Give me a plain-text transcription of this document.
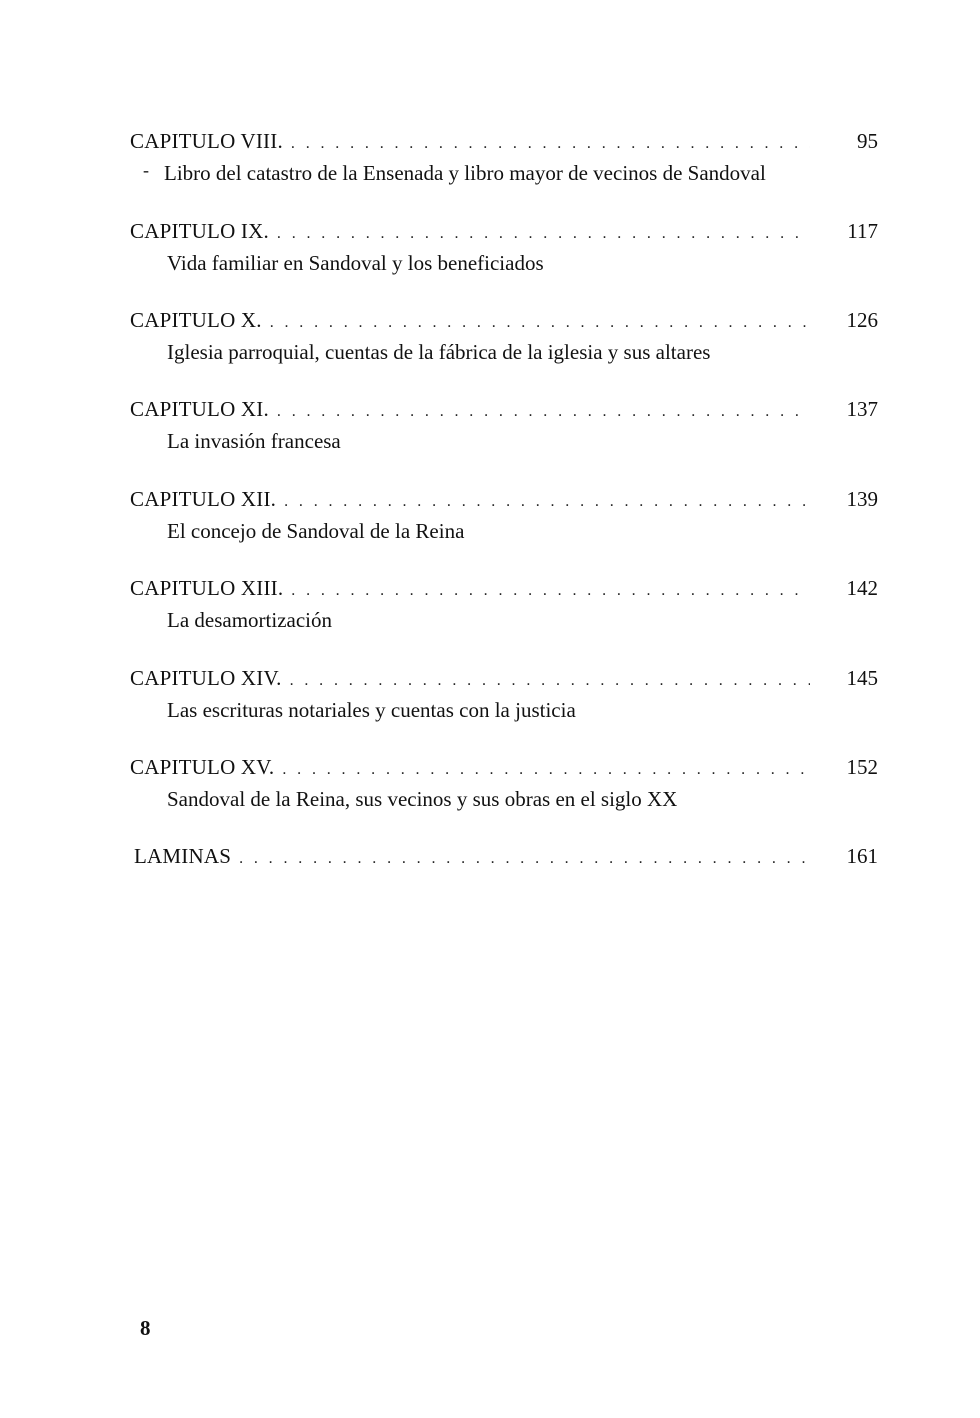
CAPITULO VIII. . . .	95
‑ Libro del catastro de la Ensenada y libro mayor de vecinos de Sandoval
CAPITULO IX. . . .	117
Vida familiar en Sandoval y los beneficiados
CAPITULO X. . . .	126
Iglesia parroquial, cuentas de la fábrica de la iglesia y sus altares
CAPITULO XI. . . .	137
La invasión francesa
CAPITULO XII. . . .	139
El concejo de Sandoval de la Reina
CAPITULO XIII. . . .	142
La desamortización
CAPITULO XIV. . . .	145
Las escrituras notariales y cuentas con la justicia
CAPITULO XV. . . .	152
Sandoval de la Reina, sus vecinos y sus obras en el siglo XX
LAMINAS . . .	161
8
